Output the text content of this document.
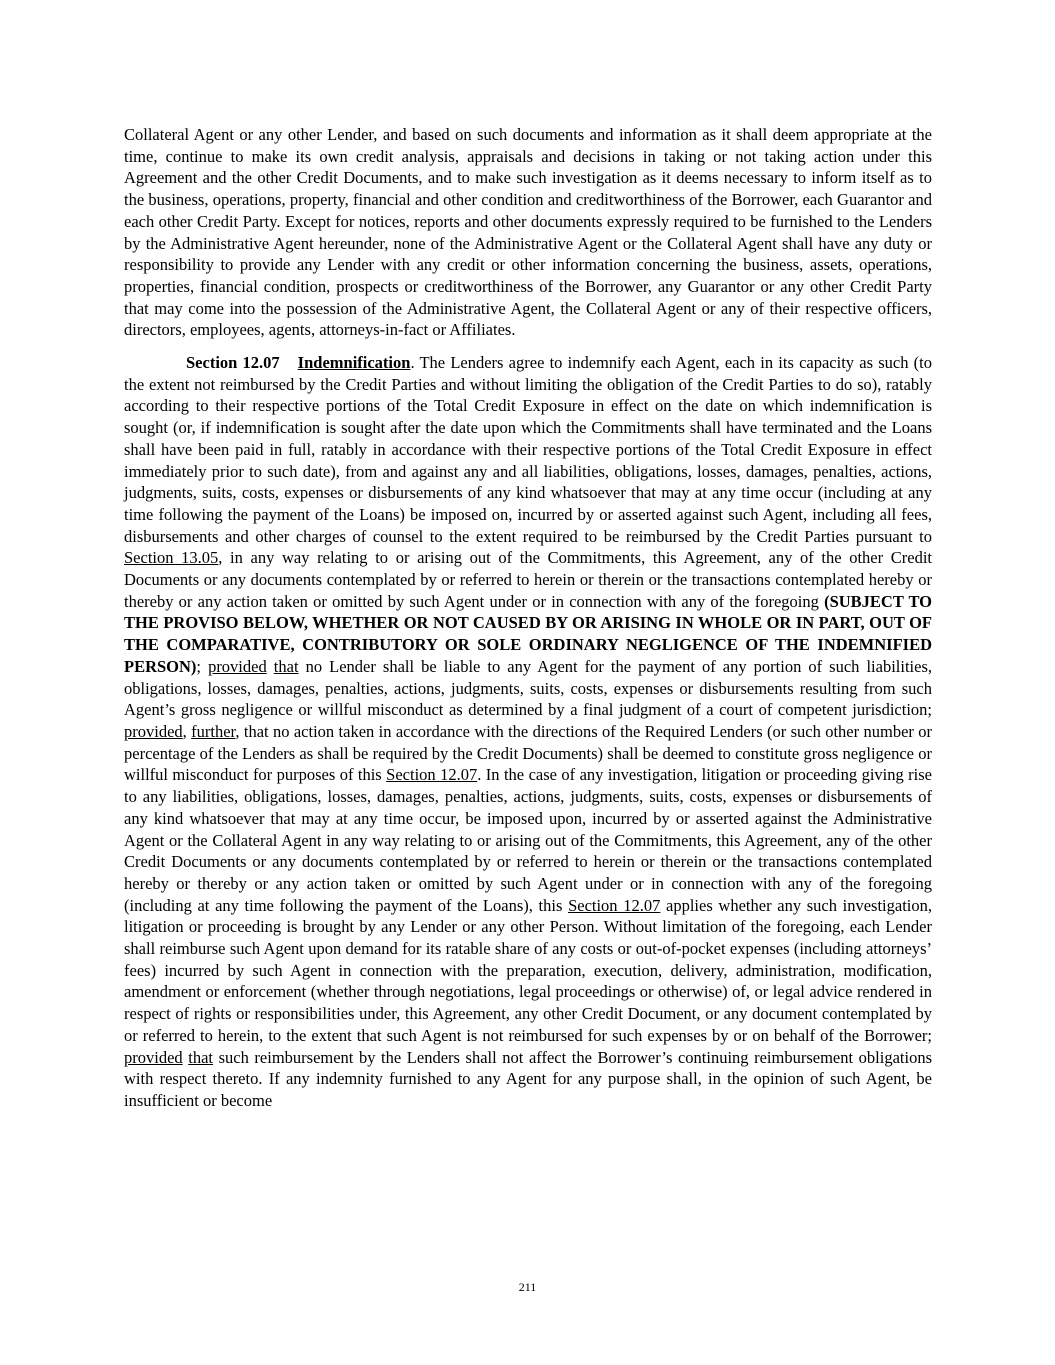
Collateral Agent or any other Lender, and based on such documents and information as it shall deem appropriate at the time, continue to make its own credit analysis, appraisals and decisions in taking or not taking action under this Agreement and the other Credit Documents, and to make such investigation as it deems necessary to inform itself as to the business, operations, property, financial and other condition and creditworthiness of the Borrower, each Guarantor and each other Credit Party. Except for notices, reports and other documents expressly required to be furnished to the Lenders by the Administrative Agent hereunder, none of the Administrative Agent or the Collateral Agent shall have any duty or responsibility to provide any Lender with any credit or other information concerning the business, assets, operations, properties, financial condition, prospects or creditworthiness of the Borrower, any Guarantor or any other Credit Party that may come into the possession of the Administrative Agent, the Collateral Agent or any of their respective officers, directors, employees, agents, attorneys-in-fact or Affiliates.

Section 12.07 Indemnification. The Lenders agree to indemnify each Agent, each in its capacity as such (to the extent not reimbursed by the Credit Parties and without limiting the obligation of the Credit Parties to do so), ratably according to their respective portions of the Total Credit Exposure in effect on the date on which indemnification is sought (or, if indemnification is sought after the date upon which the Commitments shall have terminated and the Loans shall have been paid in full, ratably in accordance with their respective portions of the Total Credit Exposure in effect immediately prior to such date), from and against any and all liabilities, obligations, losses, damages, penalties, actions, judgments, suits, costs, expenses or disbursements of any kind whatsoever that may at any time occur (including at any time following the payment of the Loans) be imposed on, incurred by or asserted against such Agent, including all fees, disbursements and other charges of counsel to the extent required to be reimbursed by the Credit Parties pursuant to Section 13.05, in any way relating to or arising out of the Commitments, this Agreement, any of the other Credit Documents or any documents contemplated by or referred to herein or therein or the transactions contemplated hereby or thereby or any action taken or omitted by such Agent under or in connection with any of the foregoing (SUBJECT TO THE PROVISO BELOW, WHETHER OR NOT CAUSED BY OR ARISING IN WHOLE OR IN PART, OUT OF THE COMPARATIVE, CONTRIBUTORY OR SOLE ORDINARY NEGLIGENCE OF THE INDEMNIFIED PERSON); provided that no Lender shall be liable to any Agent for the payment of any portion of such liabilities, obligations, losses, damages, penalties, actions, judgments, suits, costs, expenses or disbursements resulting from such Agent’s gross negligence or willful misconduct as determined by a final judgment of a court of competent jurisdiction; provided, further, that no action taken in accordance with the directions of the Required Lenders (or such other number or percentage of the Lenders as shall be required by the Credit Documents) shall be deemed to constitute gross negligence or willful misconduct for purposes of this Section 12.07. In the case of any investigation, litigation or proceeding giving rise to any liabilities, obligations, losses, damages, penalties, actions, judgments, suits, costs, expenses or disbursements of any kind whatsoever that may at any time occur, be imposed upon, incurred by or asserted against the Administrative Agent or the Collateral Agent in any way relating to or arising out of the Commitments, this Agreement, any of the other Credit Documents or any documents contemplated by or referred to herein or therein or the transactions contemplated hereby or thereby or any action taken or omitted by such Agent under or in connection with any of the foregoing (including at any time following the payment of the Loans), this Section 12.07 applies whether any such investigation, litigation or proceeding is brought by any Lender or any other Person. Without limitation of the foregoing, each Lender shall reimburse such Agent upon demand for its ratable share of any costs or out-of-pocket expenses (including attorneys’ fees) incurred by such Agent in connection with the preparation, execution, delivery, administration, modification, amendment or enforcement (whether through negotiations, legal proceedings or otherwise) of, or legal advice rendered in respect of rights or responsibilities under, this Agreement, any other Credit Document, or any document contemplated by or referred to herein, to the extent that such Agent is not reimbursed for such expenses by or on behalf of the Borrower; provided that such reimbursement by the Lenders shall not affect the Borrower’s continuing reimbursement obligations with respect thereto. If any indemnity furnished to any Agent for any purpose shall, in the opinion of such Agent, be insufficient or become

211
